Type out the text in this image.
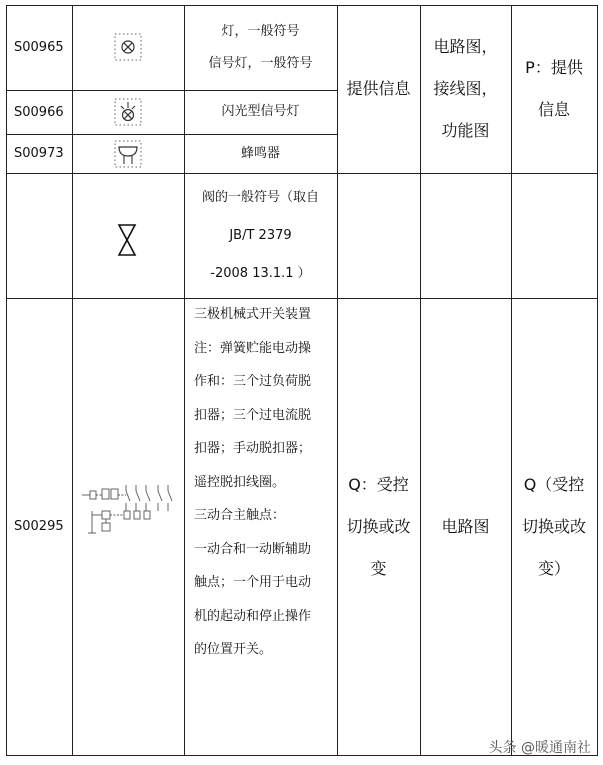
S00965
S00966
S00973
灯，一般符号
信号灯，一般符号
闪光型信号灯
蜂鸣器
提供信息
电路图，
接线图，
功能图
P：提供
信息
阀的一般符号（取自
JB/T 2379
-2008 13.1.1 ）
S00295
三极机械式开关装置
注：弹簧贮能电动操
作和：三个过负荷脱
扣器；三个过电流脱
扣器；手动脱扣器；
遥控脱扣线圈。
三动合主触点：
一动合和一动断辅助
触点；一个用于电动
机的起动和停止操作
的位置开关。
Q：受控
切换或改
变
电路图
Q（受控
切换或改
变）
头条 @暖通南社
